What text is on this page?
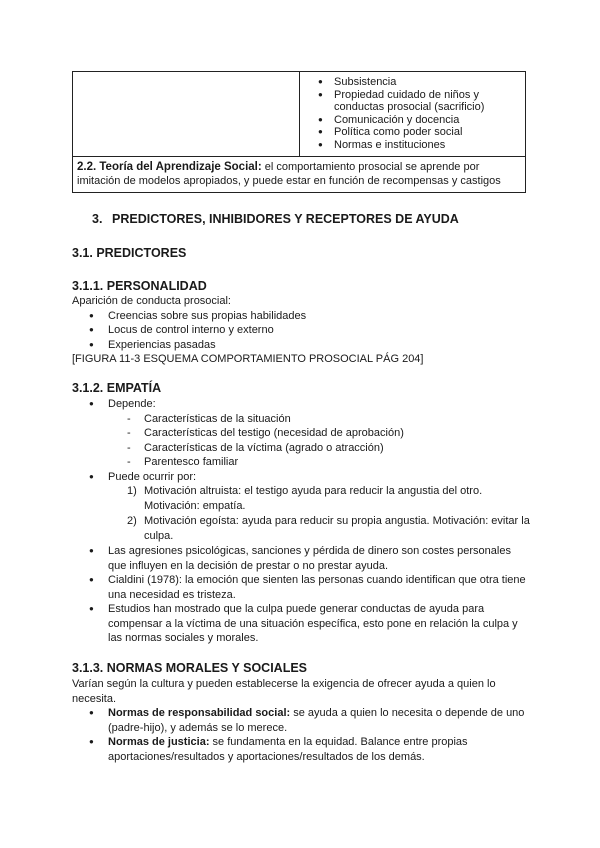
● Subsistencia
● Propiedad cuidado de niños y conductas prosocial (sacrificio)
● Comunicación y docencia
● Política como poder social
● Normas e instituciones

2.2. Teoría del Aprendizaje Social: el comportamiento prosocial se aprende por imitación de modelos apropiados, y puede estar en función de recompensas y castigos
3. PREDICTORES, INHIBIDORES Y RECEPTORES DE AYUDA
3.1. PREDICTORES
3.1.1. PERSONALIDAD

Aparición de conducta prosocial:

● Creencias sobre sus propias habilidades
● Locus de control interno y externo
● Experiencias pasadas

[FIGURA 11-3 ESQUEMA COMPORTAMIENTO PROSOCIAL PÁG 204]

3.1.2. EMPATÍA
● Depende:
- Características de la situación
- Características del testigo (necesidad de aprobación)
- Características de la víctima (agrado o atracción)
- Parentesco familiar
● Puede ocurrir por:
1) Motivación altruista: el testigo ayuda para reducir la angustia del otro. Motivación: empatía.
2) Motivación egoísta: ayuda para reducir su propia angustia. Motivación: evitar la culpa.
● Las agresiones psicológicas, sanciones y pérdida de dinero son costes personales que influyen en la decisión de prestar o no prestar ayuda.
● Cialdini (1978): la emoción que sienten las personas cuando identifican que otra tiene una necesidad es tristeza.
● Estudios han mostrado que la culpa puede generar conductas de ayuda para compensar a la víctima de una situación específica, esto pone en relación la culpa y las normas sociales y morales.
3.1.3. NORMAS MORALES Y SOCIALES

Varían según la cultura y pueden establecerse la exigencia de ofrecer ayuda a quien lo necesita.

● Normas de responsabilidad social: se ayuda a quien lo necesita o depende de uno (padre-hijo), y además se lo merece.
● Normas de justicia: se fundamenta en la equidad. Balance entre propias aportaciones/resultados y aportaciones/resultados de los demás.
